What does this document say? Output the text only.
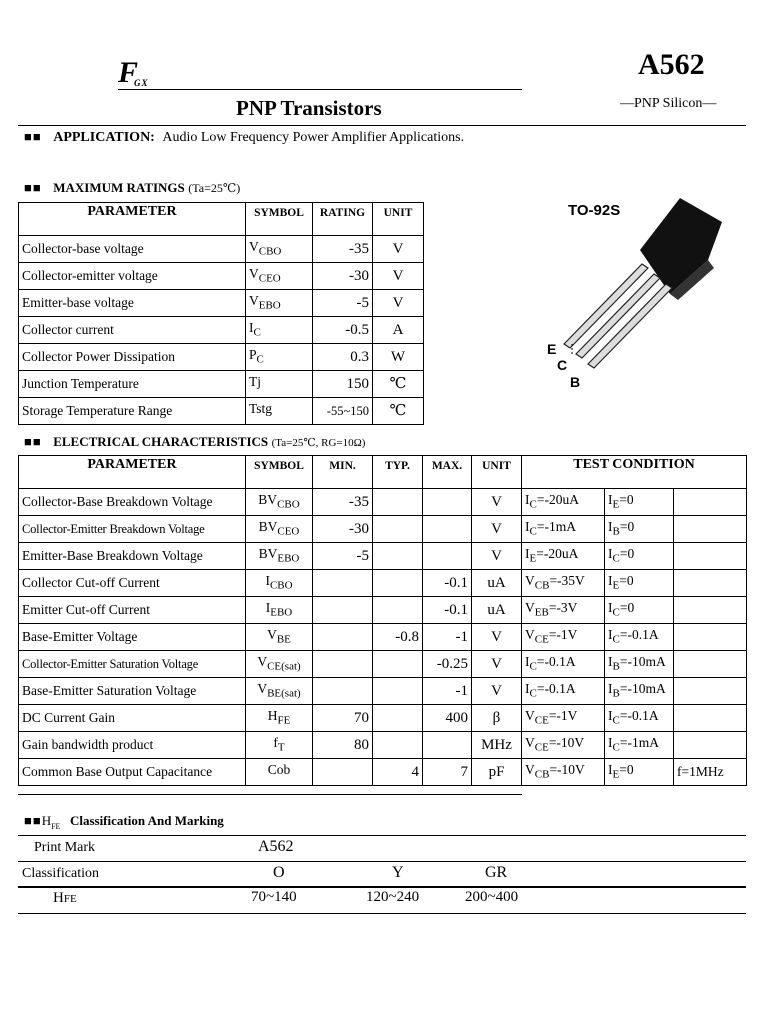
$F_{GX}$
A562
PNP Transistors	—PNP Silicon—
■■ APPLICATION: Audio Low Frequency Power Amplifier Applications.
■■ MAXIMUM RATINGS (Ta=25℃)
PARAMETER	SYMBOL	RATING	UNIT
Collector-base voltage	$V_{CBO}$	-35	V
Collector-emitter voltage	$V_{CEO}$	-30	V
Emitter-base voltage	$V_{EBO}$	-5	V
Collector current	$I_C$	-0.5	A
Collector Power Dissipation	$P_C$	0.3	W
Junction Temperature	Tj	150	℃
Storage Temperature Range	Tstg	-55~150	℃
TO-92S
E
C
B
■■ ELECTRICAL CHARACTERISTICS (Ta=25℃, RG=10Ω)
PARAMETER	SYMBOL	MIN.	TYP.	MAX.	UNIT	TEST CONDITION		
Collector-Base Breakdown Voltage	$BV_{CBO}$	-35			V	$I_C=-20uA$	$I_E=0$	
Collector-Emitter Breakdown Voltage	$BV_{CEO}$	-30			V	$I_C=-1mA$	$I_B=0$	
Emitter-Base Breakdown Voltage	$BV_{EBO}$	-5			V	$I_E=-20uA$	$I_C=0$	
Collector Cut-off Current	$I_{CBO}$			-0.1	uA	$V_{CB}=-35V$	$I_E=0$	
Emitter Cut-off Current	$I_{EBO}$			-0.1	uA	$V_{EB}=-3V$	$I_C=0$	
Base-Emitter Voltage	$V_{BE}$		-0.8	-1	V	$V_{CE}=-1V$	$I_C=-0.1A$	
Collector-Emitter Saturation Voltage	$V_{CE(sat)}$			-0.25	V	$I_C=-0.1A$	$I_B=-10mA$	
Base-Emitter Saturation Voltage	$V_{BE(sat)}$			-1	V	$I_C=-0.1A$	$I_B=-10mA$	
DC Current Gain	$H_{FE}$	70		400	β	$V_{CE}=-1V$	$I_C=-0.1A$	
Gain bandwidth product	$f_T$	80			MHz	$V_{CE}=-10V$	$I_C=-1mA$	
Common Base Output Capacitance	Cob		4	7	pF	$V_{CB}=-10V$	$I_E=0$	f=1MHz
$■■H_{FE}$ Classification And Marking
Print Mark	A562
Classification	O	Y	GR
HFE	70~140	120~240	200~400
